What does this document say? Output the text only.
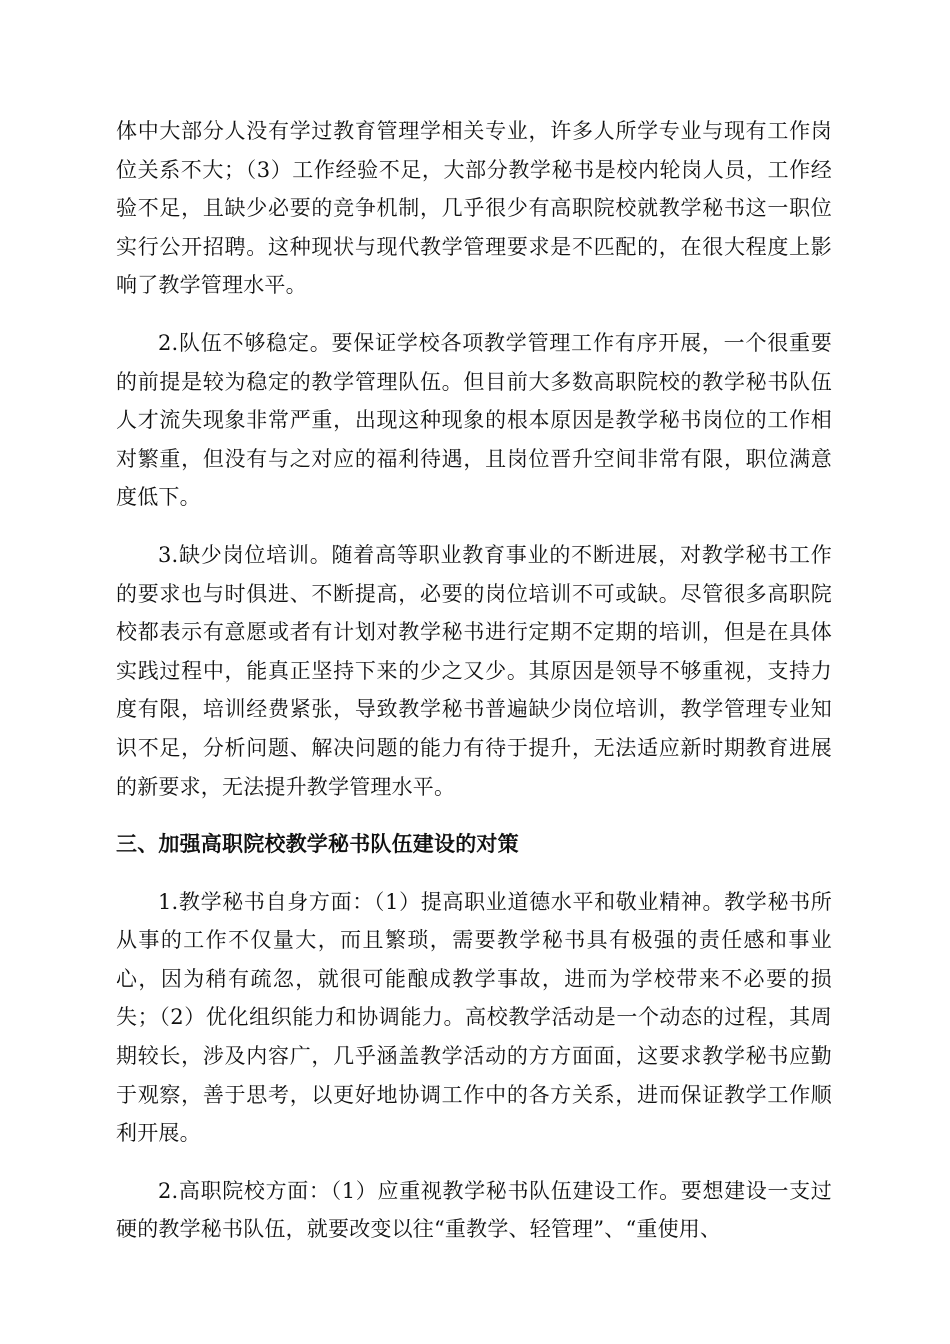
体中大部分人没有学过教育管理学相关专业，许多人所学专业与现有工作岗位关系不大；（3）工作经验不足，大部分教学秘书是校内轮岗人员，工作经验不足，且缺少必要的竞争机制，几乎很少有高职院校就教学秘书这一职位实行公开招聘。这种现状与现代教学管理要求是不匹配的，在很大程度上影响了教学管理水平。

2.队伍不够稳定。要保证学校各项教学管理工作有序开展，一个很重要的前提是较为稳定的教学管理队伍。但目前大多数高职院校的教学秘书队伍人才流失现象非常严重，出现这种现象的根本原因是教学秘书岗位的工作相对繁重，但没有与之对应的福利待遇，且岗位晋升空间非常有限，职位满意度低下。

3.缺少岗位培训。随着高等职业教育事业的不断进展，对教学秘书工作的要求也与时俱进、不断提高，必要的岗位培训不可或缺。尽管很多高职院校都表示有意愿或者有计划对教学秘书进行定期不定期的培训，但是在具体实践过程中，能真正坚持下来的少之又少。其原因是领导不够重视，支持力度有限，培训经费紧张，导致教学秘书普遍缺少岗位培训，教学管理专业知识不足，分析问题、解决问题的能力有待于提升，无法适应新时期教育进展的新要求，无法提升教学管理水平。

三、加强高职院校教学秘书队伍建设的对策

1.教学秘书自身方面：（1）提高职业道德水平和敬业精神。教学秘书所从事的工作不仅量大，而且繁琐，需要教学秘书具有极强的责任感和事业心，因为稍有疏忽，就很可能酿成教学事故，进而为学校带来不必要的损失；（2）优化组织能力和协调能力。高校教学活动是一个动态的过程，其周期较长，涉及内容广，几乎涵盖教学活动的方方面面，这要求教学秘书应勤于观察，善于思考，以更好地协调工作中的各方关系，进而保证教学工作顺利开展。

2.高职院校方面：（1）应重视教学秘书队伍建设工作。要想建设一支过硬的教学秘书队伍，就要改变以往“重教学、轻管理”、“重使用、
